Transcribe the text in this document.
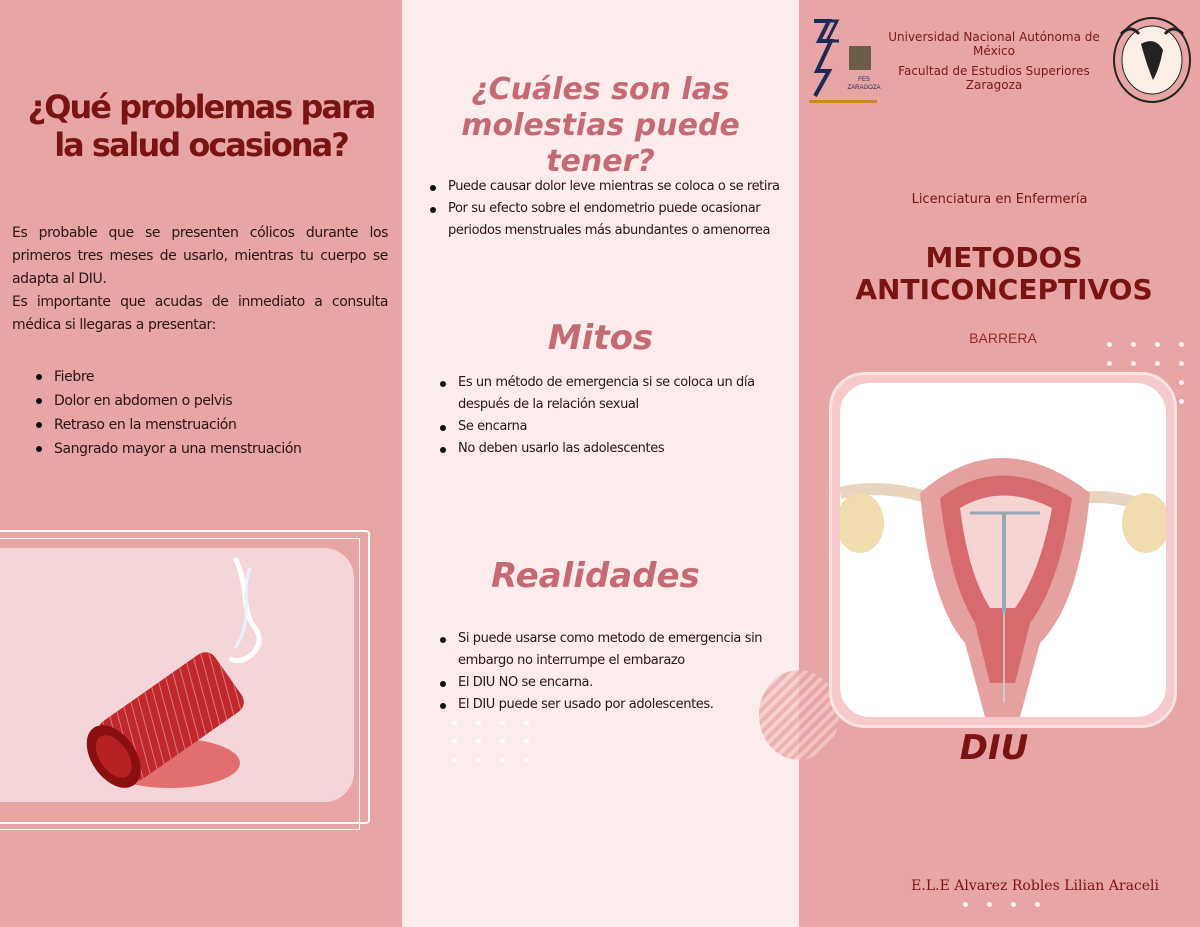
¿Qué problemas para
la salud ocasiona?
Es probable que se presenten cólicos durante los primeros tres meses de usarlo, mientras tu cuerpo se adapta al DIU.
Es importante que acudas de inmediato a consulta médica si llegaras a presentar:
Fiebre
Dolor en abdomen o pelvis
Retraso en la menstruación
Sangrado mayor a una menstruación
¿Cuáles son las
molestias puede tener?
Puede causar dolor leve mientras se coloca o se retira
Por su efecto sobre el endometrio puede ocasionar periodos menstruales más abundantes o amenorrea
Mitos
Es un método de emergencia si se coloca un día después de la relación sexual
Se encarna
No deben usarlo las adolescentes
Realidades
Si puede usarse como metodo de emergencia sin embargo no interrumpe el embarazo
El DIU NO se encarna.
El DIU puede ser usado por adolescentes.
FES ZARAGOZA
Universidad Nacional Autónoma de
México
Facultad de Estudios Superiores
Zaragoza
Licenciatura en Enfermería
METODOS
ANTICONCEPTIVOS
BARRERA
DIU
E.L.E Alvarez Robles Lilian Araceli
